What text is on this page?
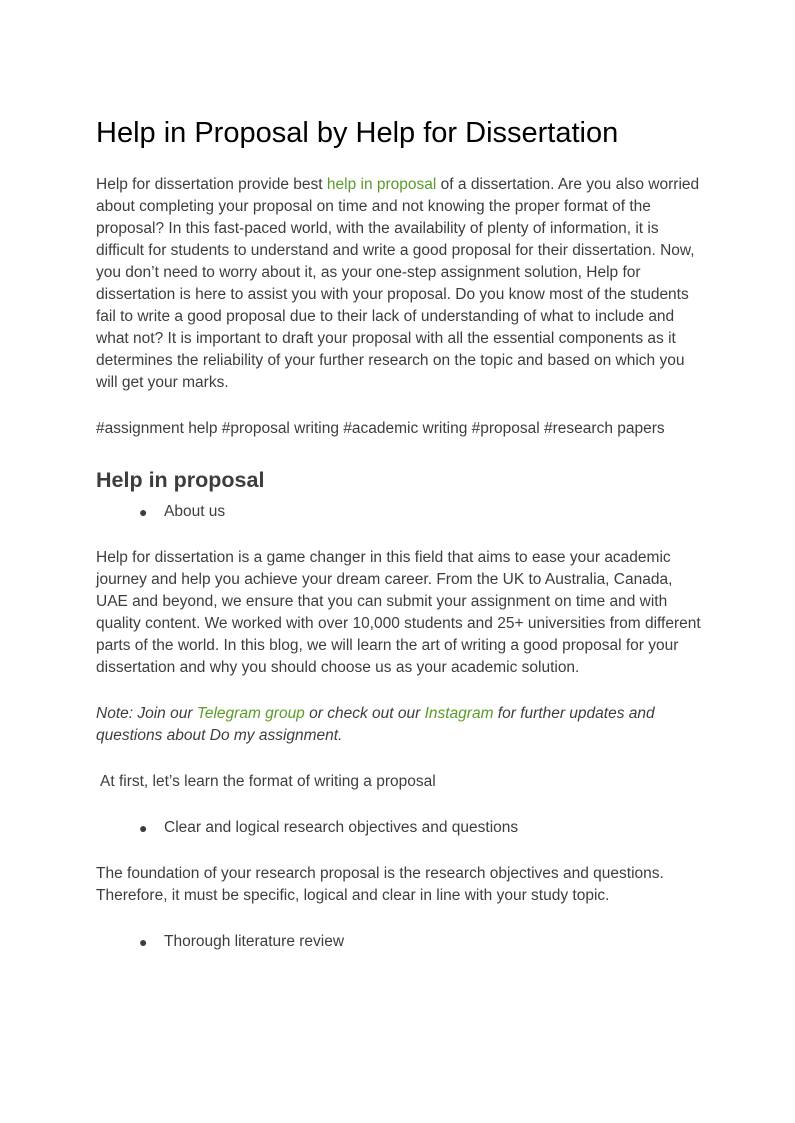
Help in Proposal by Help for Dissertation

Help for dissertation provide best help in proposal of a dissertation. Are you also worried about completing your proposal on time and not knowing the proper format of the proposal? In this fast-paced world, with the availability of plenty of information, it is difficult for students to understand and write a good proposal for their dissertation. Now, you don’t need to worry about it, as your one-step assignment solution, Help for dissertation is here to assist you with your proposal. Do you know most of the students fail to write a good proposal due to their lack of understanding of what to include and what not? It is important to draft your proposal with all the essential components as it determines the reliability of your further research on the topic and based on which you will get your marks.

#assignment help #proposal writing #academic writing #proposal #research papers

Help in proposal
● About us

Help for dissertation is a game changer in this field that aims to ease your academic journey and help you achieve your dream career. From the UK to Australia, Canada, UAE and beyond, we ensure that you can submit your assignment on time and with quality content. We worked with over 10,000 students and 25+ universities from different parts of the world. In this blog, we will learn the art of writing a good proposal for your dissertation and why you should choose us as your academic solution.

Note: Join our Telegram group or check out our Instagram for further updates and questions about Do my assignment.

At first, let’s learn the format of writing a proposal

● Clear and logical research objectives and questions

The foundation of your research proposal is the research objectives and questions. Therefore, it must be specific, logical and clear in line with your study topic.

● Thorough literature review
